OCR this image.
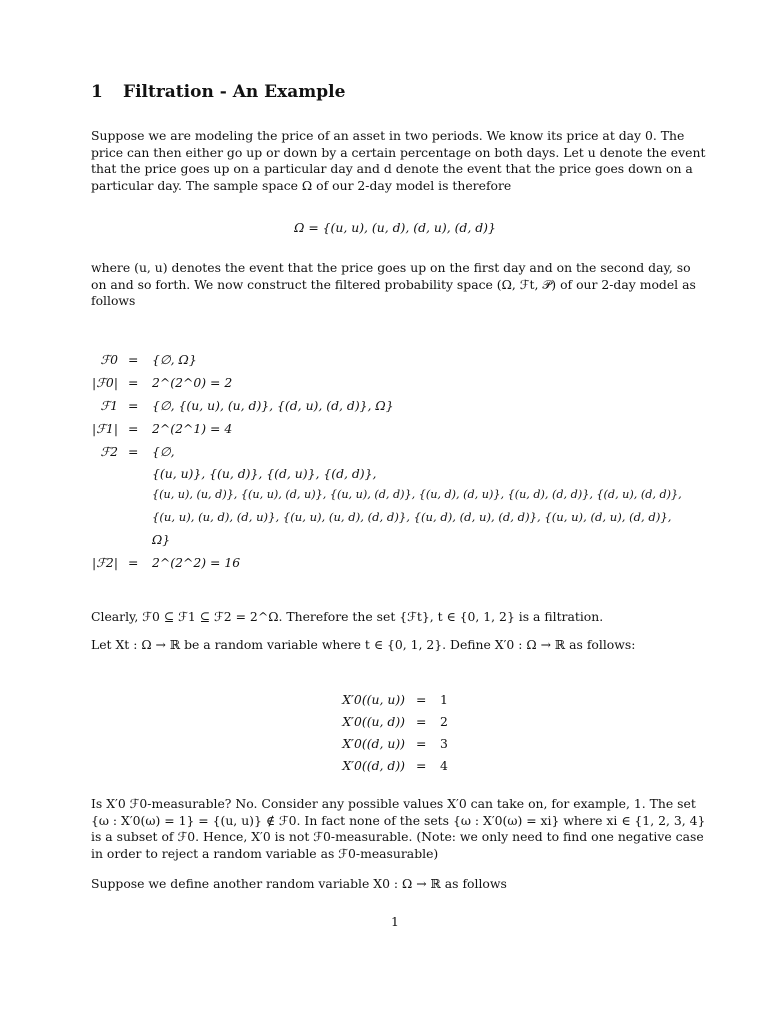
1 Filtration - An Example
Suppose we are modeling the price of an asset in two periods. We know its price at day 0. The
price can then either go up or down by a certain percentage on both days. Let u denote the event
that the price goes up on a particular day and d denote the event that the price goes down on a
particular day. The sample space Ω of our 2-day model is therefore
Ω = {(u, u), (u, d), (d, u), (d, d)}
where (u, u) denotes the event that the price goes up on the first day and on the second day, so
on and so forth. We now construct the filtered probability space (Ω, ℱt, 𝒫) of our 2-day model as
follows
ℱ0 = {∅, Ω}
|ℱ0| = 2^(2^0) = 2
ℱ1 = {∅, {(u, u), (u, d)}, {(d, u), (d, d)}, Ω}
|ℱ1| = 2^(2^1) = 4
ℱ2 = {∅,
{(u, u)}, {(u, d)}, {(d, u)}, {(d, d)},
{(u, u), (u, d)}, {(u, u), (d, u)}, {(u, u), (d, d)}, {(u, d), (d, u)}, {(u, d), (d, d)}, {(d, u), (d, d)},
{(u, u), (u, d), (d, u)}, {(u, u), (u, d), (d, d)}, {(u, d), (d, u), (d, d)}, {(u, u), (d, u), (d, d)},
Ω}
|ℱ2| = 2^(2^2) = 16
Clearly, ℱ0 ⊆ ℱ1 ⊆ ℱ2 = 2^Ω. Therefore the set {ℱt}, t ∈ {0, 1, 2} is a filtration.
Let Xt : Ω → ℝ be a random variable where t ∈ {0, 1, 2}. Define X′0 : Ω → ℝ as follows:
X′0((u, u)) = 1
X′0((u, d)) = 2
X′0((d, u)) = 3
X′0((d, d)) = 4
Is X′0 ℱ0-measurable? No. Consider any possible values X′0 can take on, for example, 1. The set
{ω : X′0(ω) = 1} = {(u, u)} ∉ ℱ0. In fact none of the sets {ω : X′0(ω) = xi} where xi ∈ {1, 2, 3, 4}
is a subset of ℱ0. Hence, X′0 is not ℱ0-measurable. (Note: we only need to find one negative case
in order to reject a random variable as ℱ0-measurable)
Suppose we define another random variable X0 : Ω → ℝ as follows
1
